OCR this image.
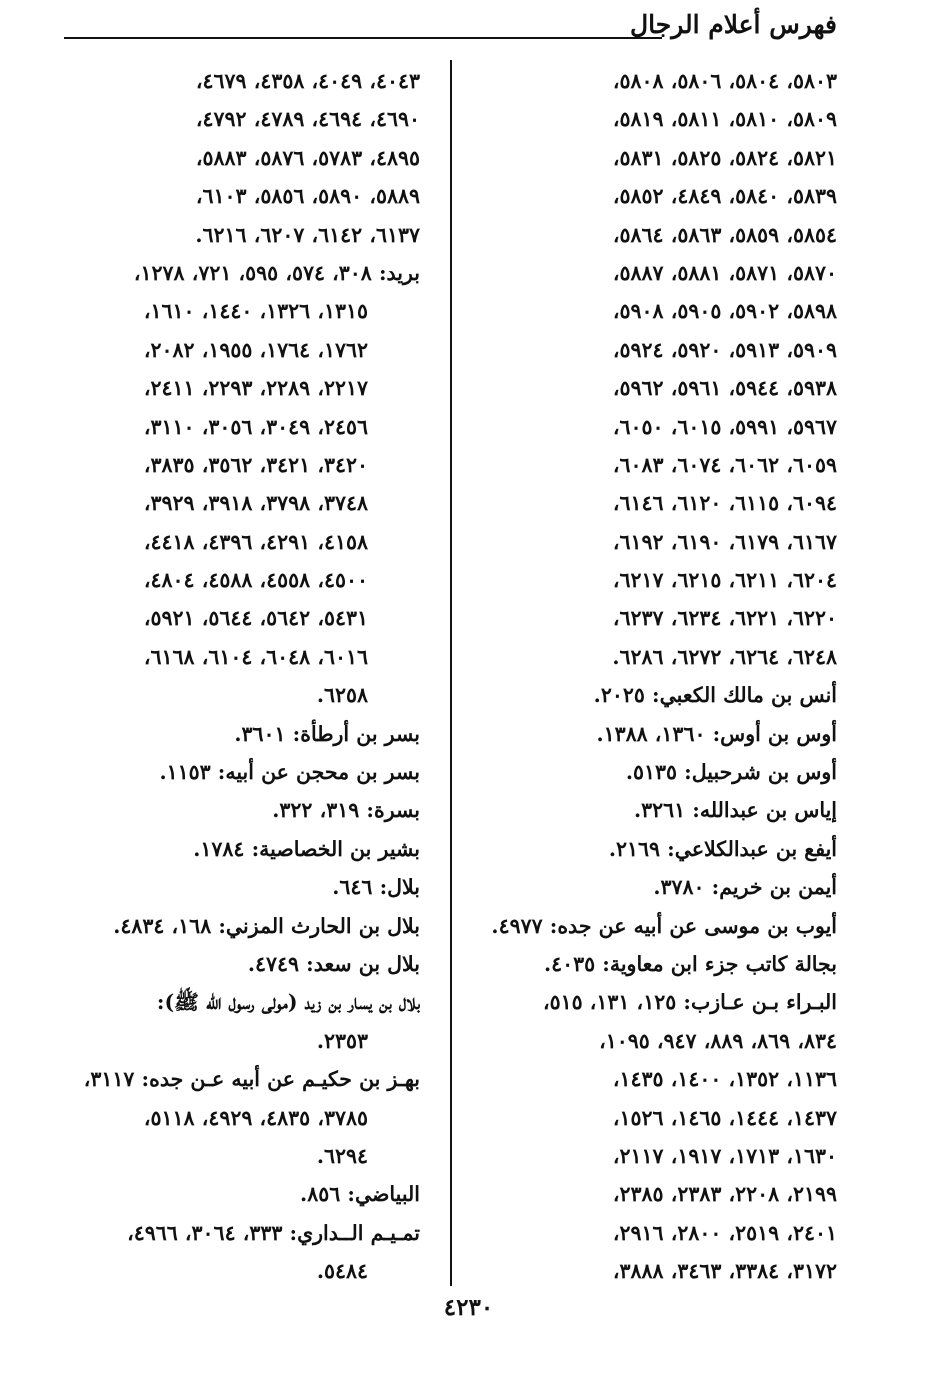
فهرس أعلام الرجال
٥٨٠٣، ٥٨٠٤، ٥٨٠٦، ٥٨٠٨،
٥٨٠٩، ٥٨١٠، ٥٨١١، ٥٨١٩،
٥٨٢١، ٥٨٢٤، ٥٨٢٥، ٥٨٣١،
٥٨٣٩، ٥٨٤٠، ٤٨٤٩، ٥٨٥٢،
٥٨٥٤، ٥٨٥٩، ٥٨٦٣، ٥٨٦٤،
٥٨٧٠، ٥٨٧١، ٥٨٨١، ٥٨٨٧،
٥٨٩٨، ٥٩٠٢، ٥٩٠٥، ٥٩٠٨،
٥٩٠٩، ٥٩١٣، ٥٩٢٠، ٥٩٢٤،
٥٩٣٨، ٥٩٤٤، ٥٩٦١، ٥٩٦٢،
٥٩٦٧، ٥٩٩١، ٦٠١٥، ٦٠٥٠،
٦٠٥٩، ٦٠٦٢، ٦٠٧٤، ٦٠٨٣،
٦٠٩٤، ٦١١٥، ٦١٢٠، ٦١٤٦،
٦١٦٧، ٦١٧٩، ٦١٩٠، ٦١٩٢،
٦٢٠٤، ٦٢١١، ٦٢١٥، ٦٢١٧،
٦٢٢٠، ٦٢٢١، ٦٢٣٤، ٦٢٣٧،
٦٢٤٨، ٦٢٦٤، ٦٢٧٢، ٦٢٨٦.
أنس بن مالك الكعبي: ٢٠٢٥.
أوس بن أوس: ١٣٦٠، ١٣٨٨.
أوس بن شرحبيل: ٥١٣٥.
إياس بن عبدالله: ٣٢٦١.
أيفع بن عبدالكلاعي: ٢١٦٩.
أيمن بن خريم: ٣٧٨٠.
أيوب بن موسى عن أبيه عن جده: ٤٩٧٧.
بجالة كاتب جزء ابن معاوية: ٤٠٣٥.
البـراء بـن عـازب: ١٢٥، ١٣١، ٥١٥،
٨٣٤، ٨٦٩، ٨٨٩، ٩٤٧، ١٠٩٥،
١١٣٦، ١٣٥٢، ١٤٠٠، ١٤٣٥،
١٤٣٧، ١٤٤٤، ١٤٦٥، ١٥٢٦،
١٦٣٠، ١٧١٣، ١٩١٧، ٢١١٧،
٢١٩٩، ٢٢٠٨، ٢٣٨٣، ٢٣٨٥،
٢٤٠١، ٢٥١٩، ٢٨٠٠، ٢٩١٦،
٣١٧٢، ٣٣٨٤، ٣٤٦٣، ٣٨٨٨،
٤٠٤٣، ٤٠٤٩، ٤٣٥٨، ٤٦٧٩،
٤٦٩٠، ٤٦٩٤، ٤٧٨٩، ٤٧٩٢،
٤٨٩٥، ٥٧٨٣، ٥٨٧٦، ٥٨٨٣،
٥٨٨٩، ٥٨٩٠، ٥٨٥٦، ٦١٠٣،
٦١٣٧، ٦١٤٢، ٦٢٠٧، ٦٢١٦.
بريد: ٣٠٨، ٥٧٤، ٥٩٥، ٧٢١، ١٢٧٨،
١٣١٥، ١٣٢٦، ١٤٤٠، ١٦١٠،
١٧٦٢، ١٧٦٤، ١٩٥٥، ٢٠٨٢،
٢٢١٧، ٢٢٨٩، ٢٢٩٣، ٢٤١١،
٢٤٥٦، ٣٠٤٩، ٣٠٥٦، ٣١١٠،
٣٤٢٠، ٣٤٢١، ٣٥٦٢، ٣٨٣٥،
٣٧٤٨، ٣٧٩٨، ٣٩١٨، ٣٩٢٩،
٤١٥٨، ٤٢٩١، ٤٣٩٦، ٤٤١٨،
٤٥٠٠، ٤٥٥٨، ٤٥٨٨، ٤٨٠٤،
٥٤٣١، ٥٦٤٢، ٥٦٤٤، ٥٩٢١،
٦٠١٦، ٦٠٤٨، ٦١٠٤، ٦١٦٨،
٦٢٥٨.
بسر بن أرطأة: ٣٦٠١.
بسر بن محجن عن أبيه: ١١٥٣.
بسرة: ٣١٩، ٣٢٢.
بشير بن الخصاصية: ١٧٨٤.
بلال: ٦٤٦.
بلال بن الحارث المزني: ١٦٨، ٤٨٣٤.
بلال بن سعد: ٤٧٤٩.
بلال بن يسار بن زيد (مولى رسول الله ﷺ):
٢٣٥٣.
بهـز بن حكيـم عن أبيه عـن جده: ٣١١٧،
٣٧٨٥، ٤٨٣٥، ٤٩٢٩، ٥١١٨،
٦٢٩٤.
البياضي: ٨٥٦.
تمـيـم الــداري: ٣٣٣، ٣٠٦٤، ٤٩٦٦،
٥٤٨٤.
٤٢٣٠
